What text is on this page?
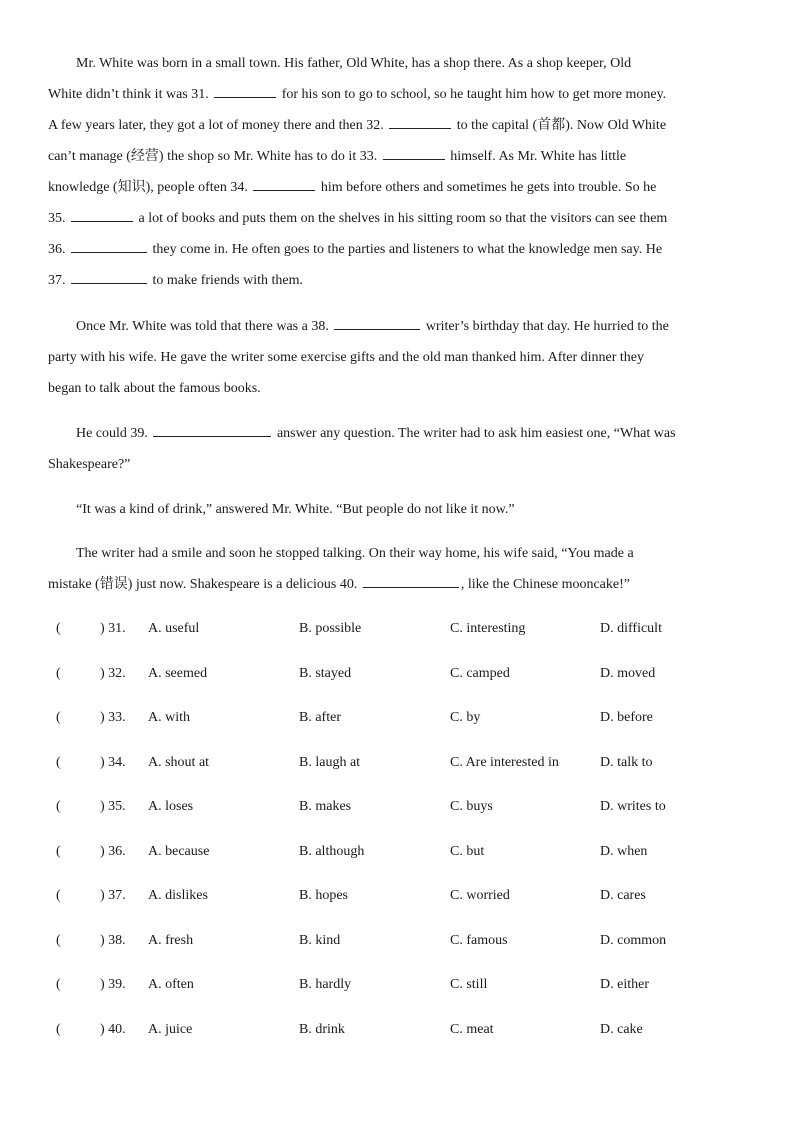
Mr. White was born in a small town. His father, Old White, has a shop there. As a shop keeper, Old
White didn’t think it was 31.	for his son to go to school, so he taught him how to get more money.
A few years later, they got a lot of money there and then 32.	to the capital (首都). Now Old White
can’t manage (经营) the shop so Mr. White has to do it 33.	himself. As Mr. White has little
knowledge (知识), people often 34.	him before others and sometimes he gets into trouble. So he
35.	a lot of books and puts them on the shelves in his sitting room so that the visitors can see them
36.	they come in. He often goes to the parties and listeners to what the knowledge men say. He
37.	to make friends with them.
Once Mr. White was told that there was a 38.	writer’s birthday that day. He hurried to the
party with his wife. He gave the writer some exercise gifts and the old man thanked him. After dinner they
began to talk about the famous books.
He could 39.	answer any question. The writer had to ask him easiest one, “What was
Shakespeare?”
“It was a kind of drink,” answered Mr. White. “But people do not like it now.”
The writer had a smile and soon he stopped talking. On their way home, his wife said, “You made a
mistake (错误) just now. Shakespeare is a delicious 40.	, like the Chinese mooncake!”
(	) 31. A. useful	B. possible	C. interesting	D. difficult
(	) 32. A. seemed	B. stayed	C. camped	D. moved
(	) 33. A. with	B. after	C. by	D. before
(	) 34. A. shout at	B. laugh at	C. Are interested in	D. talk to
(	) 35. A. loses	B. makes	C. buys	D. writes to
(	) 36. A. because	B. although	C. but	D. when
(	) 37. A. dislikes	B. hopes	C. worried	D. cares
(	) 38. A. fresh	B. kind	C. famous	D. common
(	) 39. A. often	B. hardly	C. still	D. either
(	) 40. A. juice	B. drink	C. meat	D. cake
